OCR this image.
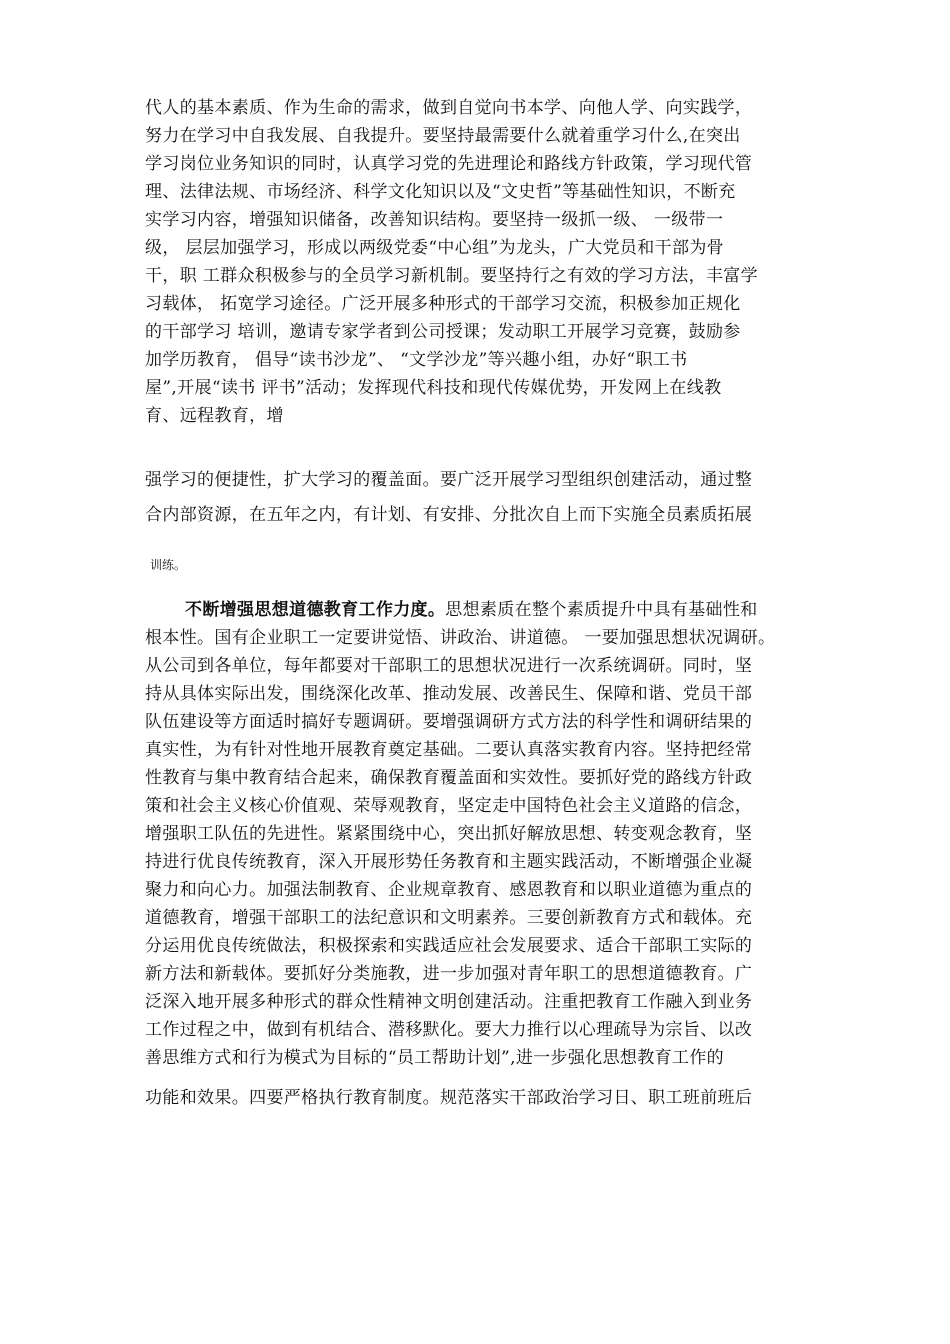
代人的基本素质、作为生命的需求，做到自觉向书本学、向他人学、向实践学，
努力在学习中自我发展、自我提升。要坚持最需要什么就着重学习什么,在突出
学习岗位业务知识的同时，认真学习党的先进理论和路线方针政策，学习现代管
理、法律法规、市场经济、科学文化知识以及“文史哲”等基础性知识，不断充
实学习内容，增强知识储备，改善知识结构。要坚持一级抓一级、 一级带一
级， 层层加强学习，形成以两级党委“中心组”为龙头，广大党员和干部为骨
干，职 工群众积极参与的全员学习新机制。要坚持行之有效的学习方法，丰富学
习载体， 拓宽学习途径。广泛开展多种形式的干部学习交流，积极参加正规化
的干部学习 培训，邀请专家学者到公司授课；发动职工开展学习竞赛，鼓励参
加学历教育， 倡导“读书沙龙”、 “文学沙龙”等兴趣小组，办好“职工书
屋”,开展“读书 评书”活动；发挥现代科技和现代传媒优势，开发网上在线教
育、远程教育，增
强学习的便捷性，扩大学习的覆盖面。要广泛开展学习型组织创建活动，通过整
合内部资源，在五年之内，有计划、有安排、分批次自上而下实施全员素质拓展
训练。
不断增强思想道德教育工作力度。思想素质在整个素质提升中具有基础性和
根本性。国有企业职工一定要讲觉悟、讲政治、讲道德。 一要加强思想状况调研。
从公司到各单位，每年都要对干部职工的思想状况进行一次系统调研。同时，坚
持从具体实际出发，围绕深化改革、推动发展、改善民生、保障和谐、党员干部
队伍建设等方面适时搞好专题调研。要增强调研方式方法的科学性和调研结果的
真实性，为有针对性地开展教育奠定基础。二要认真落实教育内容。坚持把经常
性教育与集中教育结合起来，确保教育覆盖面和实效性。要抓好党的路线方针政
策和社会主义核心价值观、荣辱观教育，坚定走中国特色社会主义道路的信念，
增强职工队伍的先进性。紧紧围绕中心，突出抓好解放思想、转变观念教育，坚
持进行优良传统教育，深入开展形势任务教育和主题实践活动，不断增强企业凝
聚力和向心力。加强法制教育、企业规章教育、感恩教育和以职业道德为重点的
道德教育，增强干部职工的法纪意识和文明素养。三要创新教育方式和载体。充
分运用优良传统做法，积极探索和实践适应社会发展要求、适合干部职工实际的
新方法和新载体。要抓好分类施教，进一步加强对青年职工的思想道德教育。广
泛深入地开展多种形式的群众性精神文明创建活动。注重把教育工作融入到业务
工作过程之中，做到有机结合、潜移默化。要大力推行以心理疏导为宗旨、以改
善思维方式和行为模式为目标的“员工帮助计划”,进一步强化思想教育工作的
功能和效果。四要严格执行教育制度。规范落实干部政治学习日、职工班前班后
